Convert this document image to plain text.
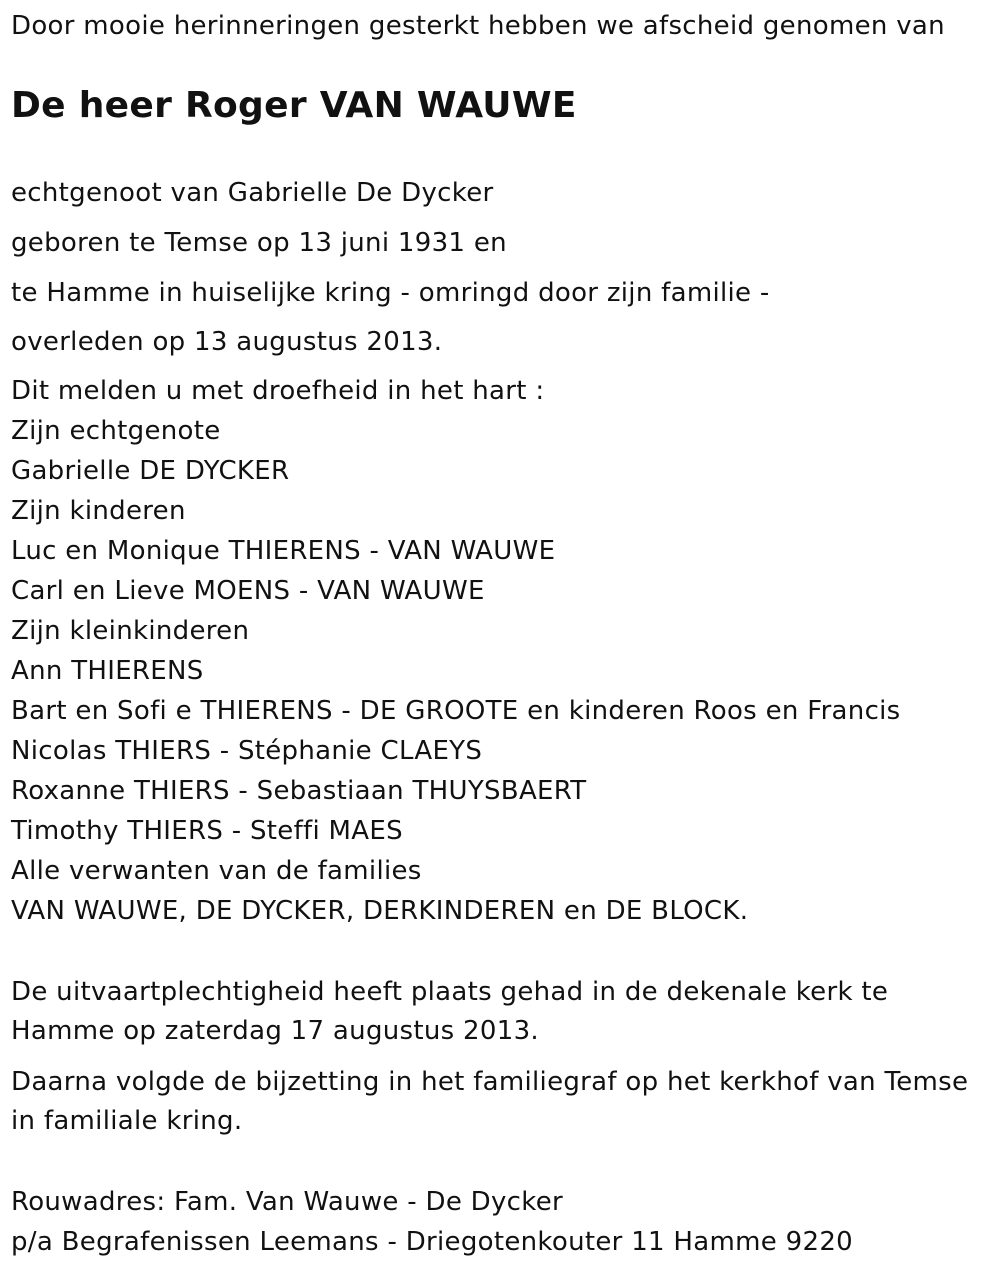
Door mooie herinneringen gesterkt hebben we afscheid genomen van
De heer Roger VAN WAUWE
echtgenoot van Gabrielle De Dycker
geboren te Temse op 13 juni 1931 en
te Hamme in huiselijke kring - omringd door zijn familie -
overleden op 13 augustus 2013.
Dit melden u met droefheid in het hart :
Zijn echtgenote
Gabrielle DE DYCKER
Zijn kinderen
Luc en Monique THIERENS - VAN WAUWE
Carl en Lieve MOENS - VAN WAUWE
Zijn kleinkinderen
Ann THIERENS
Bart en Sofi e THIERENS - DE GROOTE en kinderen Roos en Francis
Nicolas THIERS - Stéphanie CLAEYS
Roxanne THIERS - Sebastiaan THUYSBAERT
Timothy THIERS - Steffi MAES
Alle verwanten van de families
VAN WAUWE, DE DYCKER, DERKINDEREN en DE BLOCK.
De uitvaartplechtigheid heeft plaats gehad in de dekenale kerk te
Hamme op zaterdag 17 augustus 2013.
Daarna volgde de bijzetting in het familiegraf op het kerkhof van Temse
in familiale kring.
Rouwadres: Fam. Van Wauwe - De Dycker
p/a Begrafenissen Leemans - Driegotenkouter 11 Hamme 9220
